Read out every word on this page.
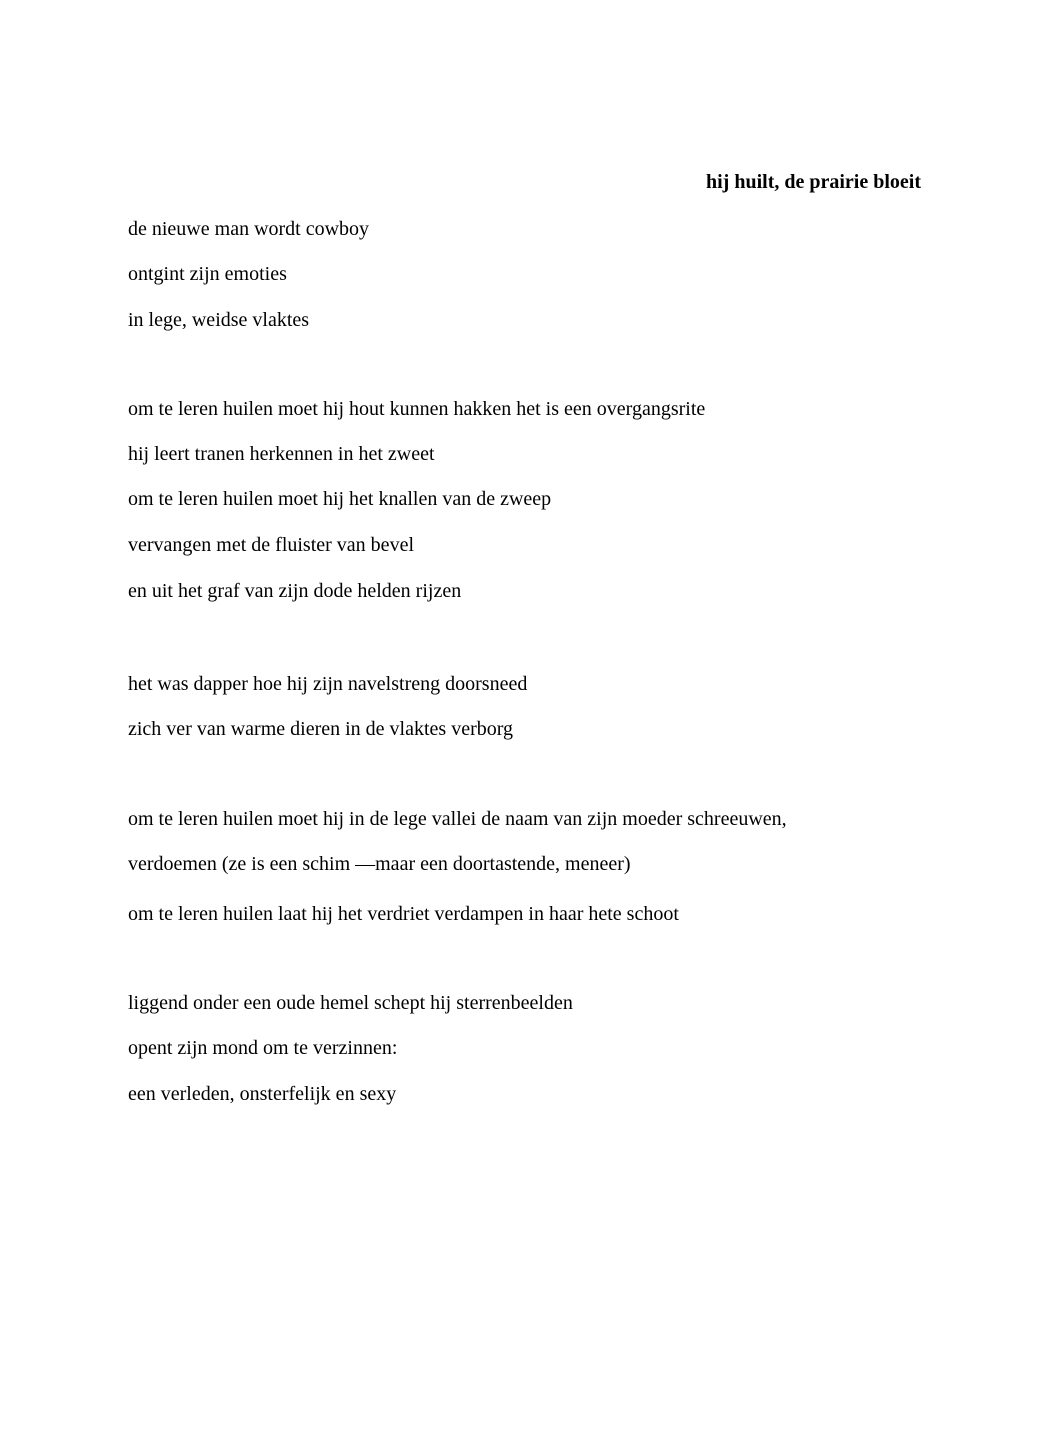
hij huilt, de prairie bloeit
de nieuwe man wordt cowboy
ontgint zijn emoties
in lege, weidse vlaktes
om te leren huilen moet hij hout kunnen hakken het is een overgangsrite
hij leert tranen herkennen in het zweet
om te leren huilen moet hij het knallen van de zweep
vervangen met de fluister van bevel
en uit het graf van zijn dode helden rijzen
het was dapper hoe hij zijn navelstreng doorsneed
zich ver van warme dieren in de vlaktes verborg
om te leren huilen moet hij in de lege vallei de naam van zijn moeder schreeuwen,
verdoemen (ze is een schim —maar een doortastende, meneer)
om te leren huilen laat hij het verdriet verdampen in haar hete schoot
liggend onder een oude hemel schept hij sterrenbeelden
opent zijn mond om te verzinnen:
een verleden, onsterfelijk en sexy
